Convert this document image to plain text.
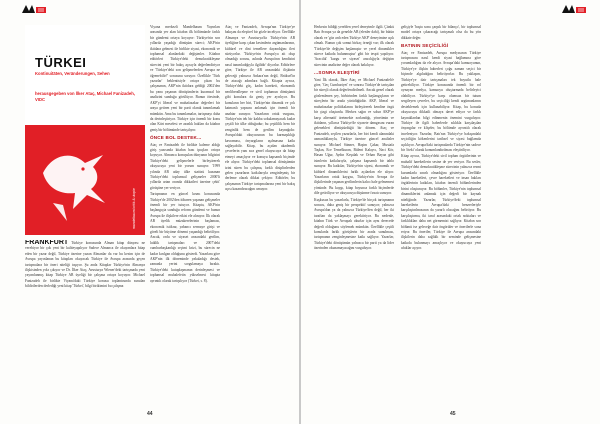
TÜRKEI
Kontinuitäten, Veränderungen, Sehen
herausgegeben von İlker Ataç, Michael Fanizadeh, VIDC
mandelbaum kritik & utopie

FRANKFURT Türkiye konusunda Alman kitap dünyası ne verebiyor bir çok yeni bir kaliteyapılıyor Sadece Almanca ile okuyanlara hitap eden bir yazar değil, Türkiye üzerine yazan Almanlar da var bu kesim için de Avrupa yayınlanan bu kitapları okuyacak Türkiye ile Avrupa arasında geçen tartışmalara bir öneri niteliği taşıyor. Şu anda Kitaplar Türkiye'nin Almanya ilişkisinden yola çıkıyor ve Dr. İlker Ataç, Avusturya Wiener'deki tartışmada yeni yayımlanmış kitap Türkiye AB üyeliği bir çalışma ortaya koyuyor. Michael Fanizadeh ile birlikte Viyana'daki Türkiye konusu toplantısında sunulan bildirilerden derlediği yeni kitap 'Türkei', bilgi birikimini bu çalışma

Viyana merkezli Mandelbaum Yayınları arasında yer alan kitabın ilk bölümünde farklı bir gündemi ortaya koyuyor: Türkiye'nin son yıllarda yaşadığı dönüşüm süreci; AKP'nin iktidara gelmesi ile birlikte siyasi, ekonomik ve toplumsal alanlardaki değişimler. Kitabın editörleri Türkiye'deki demokratikleşme sürecini yeni bir bakış açısıyla değerlendiriyor ve 'Türkiye'deki son gelişmelerden Avrupa ne öğrenebilir?' sorusunu soruyor. Özellikle 'Türk yazarlar' beklentisiyle ortaya çıkan bu çalışmanın, AKP'nin iktidara geldiği 2002'den bu yana yaşanan dönüşümlerin kuramsal bir analizini sunduğu görülüyor. Bunun ötesinde, AKP'yi liberal ve muhafazakar değerleri bir araya getiren yeni bir parti olarak tanımlamak mümkün. Ama bu tanımlamalar, tartışmayı daha da derinleştiriyor. Türkiye için önemli bir konu olan Kürt meselesi ve azınlık hakları da kitabın geniş bir bölümünde tartışılıyor.

ÖNCE BOL DESTEK...

Ataç ve Fanizadeh ile birlikte kaleme aldığı giriş yazısında kitabın bazı ipuçları ortaya koyuyor. Almanca konuşulan dünyanın bilgisini Türkiye'deki gelişmelerle birleştirerek okuyucuya yeni bir yorum sunuyor. '1999 yılında AB aday ülke statüsü kazanan Türkiye'deki toplumsal gelişmeler 2000'li yıllarda artan oranda dikkatleri üzerine çekti' görüşüne yer veriyor.

Tartışmanın en güncel kısmı konusunda Türkiye'de 2002'den itibaren yaşanan gelişmeler önemli bir yer tutuyor. Kitapta, AKP'nin başlangıçta sunduğu reform gündemi ve bunun Avrupa ile ilişkilere etkisi ele alınıyor. İlk olarak AB üyelik müzakerelerinin başlaması, ekonomik istikrar, yabancı sermaye girişi ve göreli bir büyüme dönemi yaşandığı belirtiliyor. Ancak, ordu ve siyaset arasındaki gerilim, laiklik tartışmaları ve 2007'deki cumhurbaşkanlığı seçimi krizi, bu sürecin ne kadar kırılgan olduğunu gösterdi. Yazarlara göre AKP'nin ilk döneminde yakaladığı destek, zamanla yerini sorgulamaya bıraktı. Türkiye'deki kutuplaşmanın derinleşmesi ve toplumsal muhalefetin yükselmesi kitapta ayrıntılı olarak tartışılıyor (Türkei, s. 8).

Ataç ve Fanizadeh, Avrupa'nın Türkiye'ye bakışını da eleştirel bir gözle inceliyor. Özellikle Almanya ve Avusturya'da Türkiye'nin AB üyeliğine karşı çıkan kesimlerin argümanlarının, kültürel ve dini temellere dayandığını ileri sürüyorlar. 'Türkiye'nin Avrupa'ya ait olup olmadığı sorusu, aslında Avrupa'nın kendisini nasıl tanımladığıyla ilgilidir' diyorlar. Editörlere göre, Türkiye ile AB arasındaki ilişkinin geleceği yalnızca Ankara'nın değil, Brüksel'in de atacağı adımlara bağlı. Kitapta ayrıca, Türkiye'deki göç, kadın hareketi, ekonomik neoliberalleşme ve sivil toplumun dönüşümü gibi konulara da geniş yer ayrılıyor. Bu konuların her biri, Türkiye'nin dinamik ve çok katmanlı yapısını anlamak için önemli bir anahtar sunuyor. Yazarların ortak vurgusu, Türkiye'nin tek bir kalıba sokulamayacak kadar çeşitli bir ülke olduğudur; bu çeşitlilik hem bir zenginlik hem de gerilim kaynağıdır. Avrupa'daki okuyucunun bu karmaşıklığı kavraması, önyargıların aşılmasına katkı sağlayabilir. Kitap, bu açıdan akademik çevrelerin yanı sıra genel okuyucuya da hitap etmeyi amaçlıyor ve konuyu kapsamlı biçimde ele alıyor. Türkiye'deki toplumsal dönüşümün izini süren bu çalışma, farklı disiplinlerden gelen yazarların katkılarıyla zenginleşmiş bir derleme olarak dikkat çekiyor. Editörler, bu çalışmanın Türkiye tartışmalarına yeni bir bakış açısı kazandıracağını umuyor.

44

Herkesin bildiği yerelden yerel deneyimle ilgili. Çünkü Batı Avrupa ya da genelde AB (elenler dahi), bir bütün olarak ve 'göz ardı eden Türkiye AKP' deneyimine açık olmalı. Bunun çok somut birkaç örneği var; ilk olarak 'Türkiye'de değişim başlamıştır ve yerel dinamikler sürece katkıda bulunmuştur' gibi bir tespit yapılıyor. 'Aracılık' 'kurgu ve siyaset' aracılığıyla değişim sürecinin analizine değer olarak bakılıyor.

...SONRA ELEŞTİRİ

Yani İlk olarak, İlker Ataç ve Michael Fanizadeh'e göre, 'Geç Cumhuriyet' ve sonrası Türkiye'de tartışılan bir süreçli olarak değerlendirilmeli. Ancak genel olarak gözlemlenen şey, birbirinden farklı başlangıçların ve süreçlerin bir arada yürüdüğüdür. AKP, liberal ve muhafazakar politikalarını birleştirerek kendine özgü bir çizgi oluşturdu. Merkez sağın ve solun AKP'ye karşı alternatif üretmekte zorlandığı, yönetimin ve iktidarın, yıllarca Türkiye'de siyasete damgasını vuran gelenekleri dönüştürdüğü bir dönem. Ataç ve Fanizadeh, seçilen yazarlarla, her biri kendi alanındaki uzmanlıklarıyla, Türkiye üzerine güncel analizler sunuyor. Michael Sünner, Haşim Çakar, Mustafa Taşkın, Ece Temelkuran, Bülent Kalaycı, Naci Kör, Hasan Uğur, Aydın Keşalak ve Orhan Bayaz gibi isimlerin katkılarıyla, çalışma kapsamlı bir tablo sunuyor. Bu katkılar, Türkiye'nin siyasi, ekonomik ve kültürel dinamiklerini farklı açılardan ele alıyor. Yazarların ortak kaygısı, Türkiye'nin Avrupa ile ilişkilerinde yaşanan gerilimlerin kalıcı hale gelmemesi yönünde. Bu kaygı, kitap boyunca farklı biçimlerde dile getiriliyor ve okuyucuya düşünme fırsatı sunuyor.

Kuşkusuz bu yazarlarla, Türkiye'de birçok tartışmanın sonucu, daha geniş bir perspektif sunuyor; yalnızca Avrupa'dan ya da yalnızca Türkiye'den değil, her iki taraftan da yaklaşmayı gerektiriyor. Bu nedenle, kitabın Türk ve Avrupalı okurlar için aynı derecede değerli olduğunu söylemek mümkün. Özellikle çeşitli konularda farklı görüşlerin bir arada sunulması, tartışmanın zenginleşmesine katkı sağlıyor. Yazarlar, Türkiye'deki dönüşümün yalnızca bir parti ya da lider üzerinden okunamayacağını vurguluyor.

gelişiyle 'başta sona çarpık bir bilanço', bir toplumsal model ortaya çıkaracağı tartışmalı olsa da bu yön dikkate değer.

BATININ SEÇİCİLİĞİ

Ataç ve Fanizadeh, Avrupa medyasının Türkiye tartışmasını nasıl kendi siyasi bağlamına göre yorumladığını da ele alıyor. Avrupa'daki kamuoyunun, Türkiye'ye ilişkin haberleri çoğu zaman seçici bir biçimde algıladığını belirtiyorlar. Bu yaklaşım, Türkiye'ye dair tartışmaları tek boyutlu hale getirebiliyor. Türkiye konusunda önemli bir rol oynayan medya, kamuoyu oluşturmada belirleyici olabiliyor. Türkiye'ye karşı olumsuz bir tutum sergileyen çevreler, bu seçiciliği kendi argümanlarını desteklemek için kullanabiliyor. Kitap, bu konuda okuyucuyu dikkatli olmaya davet ediyor ve farklı kaynaklardan bilgi edinmenin önemini vurguluyor. Türkiye ile ilgili haberlerde sıklıkla karşılaşılan önyargılar ve klişeler, bu bölümde ayrıntılı olarak inceleniyor. Yazarlar, Batı'nın Türkiye'ye bakışındaki seçiciliğin kökenlerini tarihsel ve siyasi bağlamda açıklıyor. Avrupa'daki tartışmalarda Türkiye'nin sadece bir 'öteki' olarak konumlandırılması eleştiriliyor.

Kitap ayrıca, Türkiye'deki sivil toplum örgütlerinin ve muhalif hareketlerin sesine de yer veriyor. Bu sesler, Türkiye'deki demokratikleşme sürecinin yalnızca resmi kurumlarla sınırlı olmadığını gösteriyor. Özellikle kadın hareketleri, çevre hareketleri ve insan hakları örgütlerinin katkıları, kitabın önemli bölümlerinden birini oluşturuyor. Bu bölümler, Türkiye'nin toplumsal dinamiklerini anlamak için değerli bir kaynak niteliğinde. Yazarlar, Türkiye'deki toplumsal hareketlerin Avrupa'daki benzerleriyle karşılaştırılmasının da yararlı olacağını belirtiyor. Bu karşılaştırma, iki taraf arasındaki ortak noktaları ve farklılıkları daha net görmemizi sağlıyor. Kitabın son bölümü ise geleceğe dair öngörüler ve önerilerle sona eriyor. Bu öneriler, Türkiye ile Avrupa arasındaki ilişkilerin daha sağlıklı bir zeminde gelişmesine katkıda bulunmayı amaçlıyor ve okuyucuya yeni ufuklar açıyor.

45
